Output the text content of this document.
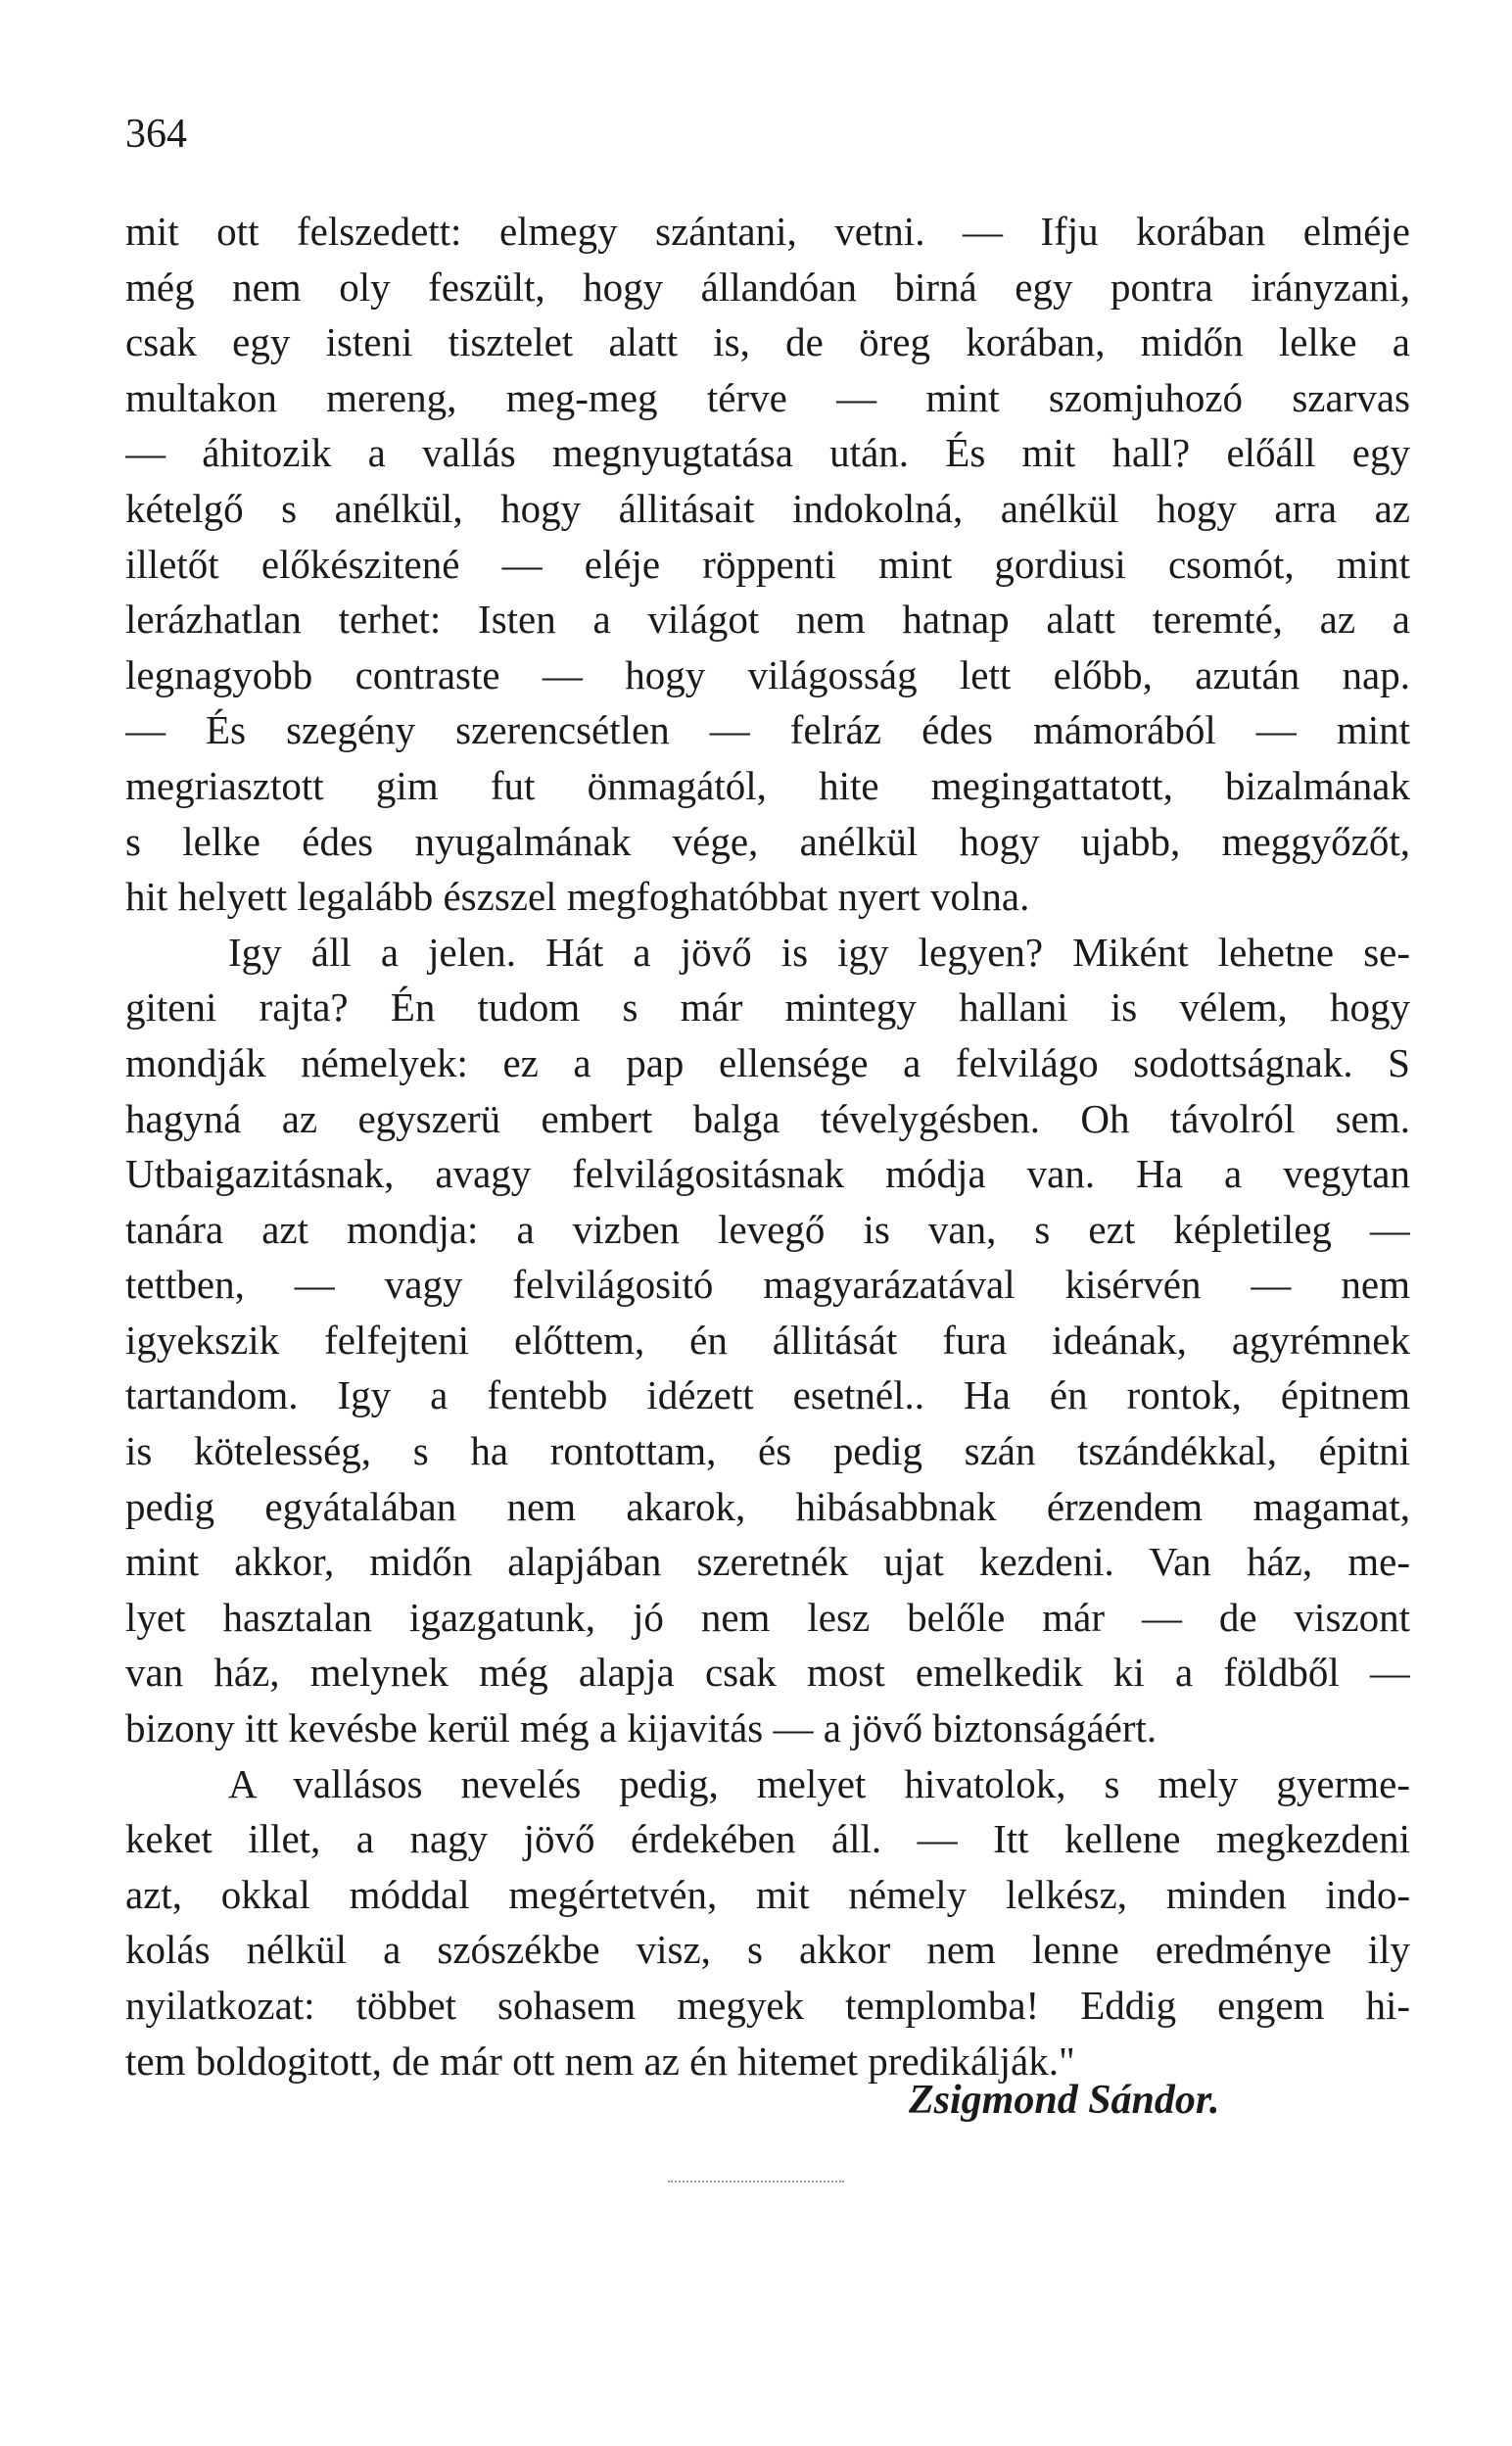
364

mit ott felszedett: elmegy szántani, vetni. — Ifju korában elméje
még nem oly feszült, hogy állandóan birná egy pontra irányzani,
csak egy isteni tisztelet alatt is, de öreg korában, midőn lelke a
multakon mereng, meg-meg térve — mint szomjuhozó szarvas
— áhitozik a vallás megnyugtatása után. És mit hall? előáll egy
kételgő s anélkül, hogy állitásait indokolná, anélkül hogy arra az
illetőt előkészitené — eléje röppenti mint gordiusi csomót, mint
lerázhatlan terhet: Isten a világot nem hatnap alatt teremté, az a
legnagyobb contraste — hogy világosság lett előbb, azután nap.
— És szegény szerencsétlen — felráz édes mámorából — mint
megriasztott gim fut önmagától, hite megingattatott, bizalmának
s lelke édes nyugalmának vége, anélkül hogy ujabb, meggyőzőt,
hit helyett legalább észszel megfoghatóbbat nyert volna.
Igy áll a jelen. Hát a jövő is igy legyen? Miként lehetne se-
giteni rajta? Én tudom s már mintegy hallani is vélem, hogy
mondják némelyek: ez a pap ellensége a felvilágo sodottságnak. S
hagyná az egyszerü embert balga tévelygésben. Oh távolról sem.
Utbaigazitásnak, avagy felvilágositásnak módja van. Ha a vegytan
tanára azt mondja: a vizben levegő is van, s ezt képletileg —
tettben, — vagy felvilágositó magyarázatával kisérvén — nem
igyekszik felfejteni előttem, én állitását fura ideának, agyrémnek
tartandom. Igy a fentebb idézett esetnél.. Ha én rontok, épitnem
is kötelesség, s ha rontottam, és pedig szán tszándékkal, épitni
pedig egyátalában nem akarok, hibásabbnak érzendem magamat,
mint akkor, midőn alapjában szeretnék ujat kezdeni. Van ház, me-
lyet hasztalan igazgatunk, jó nem lesz belőle már — de viszont
van ház, melynek még alapja csak most emelkedik ki a földből —
bizony itt kevésbe kerül még a kijavitás — a jövő biztonságáért.
A vallásos nevelés pedig, melyet hivatolok, s mely gyerme-
keket illet, a nagy jövő érdekében áll. — Itt kellene megkezdeni
azt, okkal móddal megértetvén, mit némely lelkész, minden indo-
kolás nélkül a szószékbe visz, s akkor nem lenne eredménye ily
nyilatkozat: többet sohasem megyek templomba! Eddig engem hi-
tem boldogitott, de már ott nem az én hitemet predikálják."

Zsigmond Sándor.
